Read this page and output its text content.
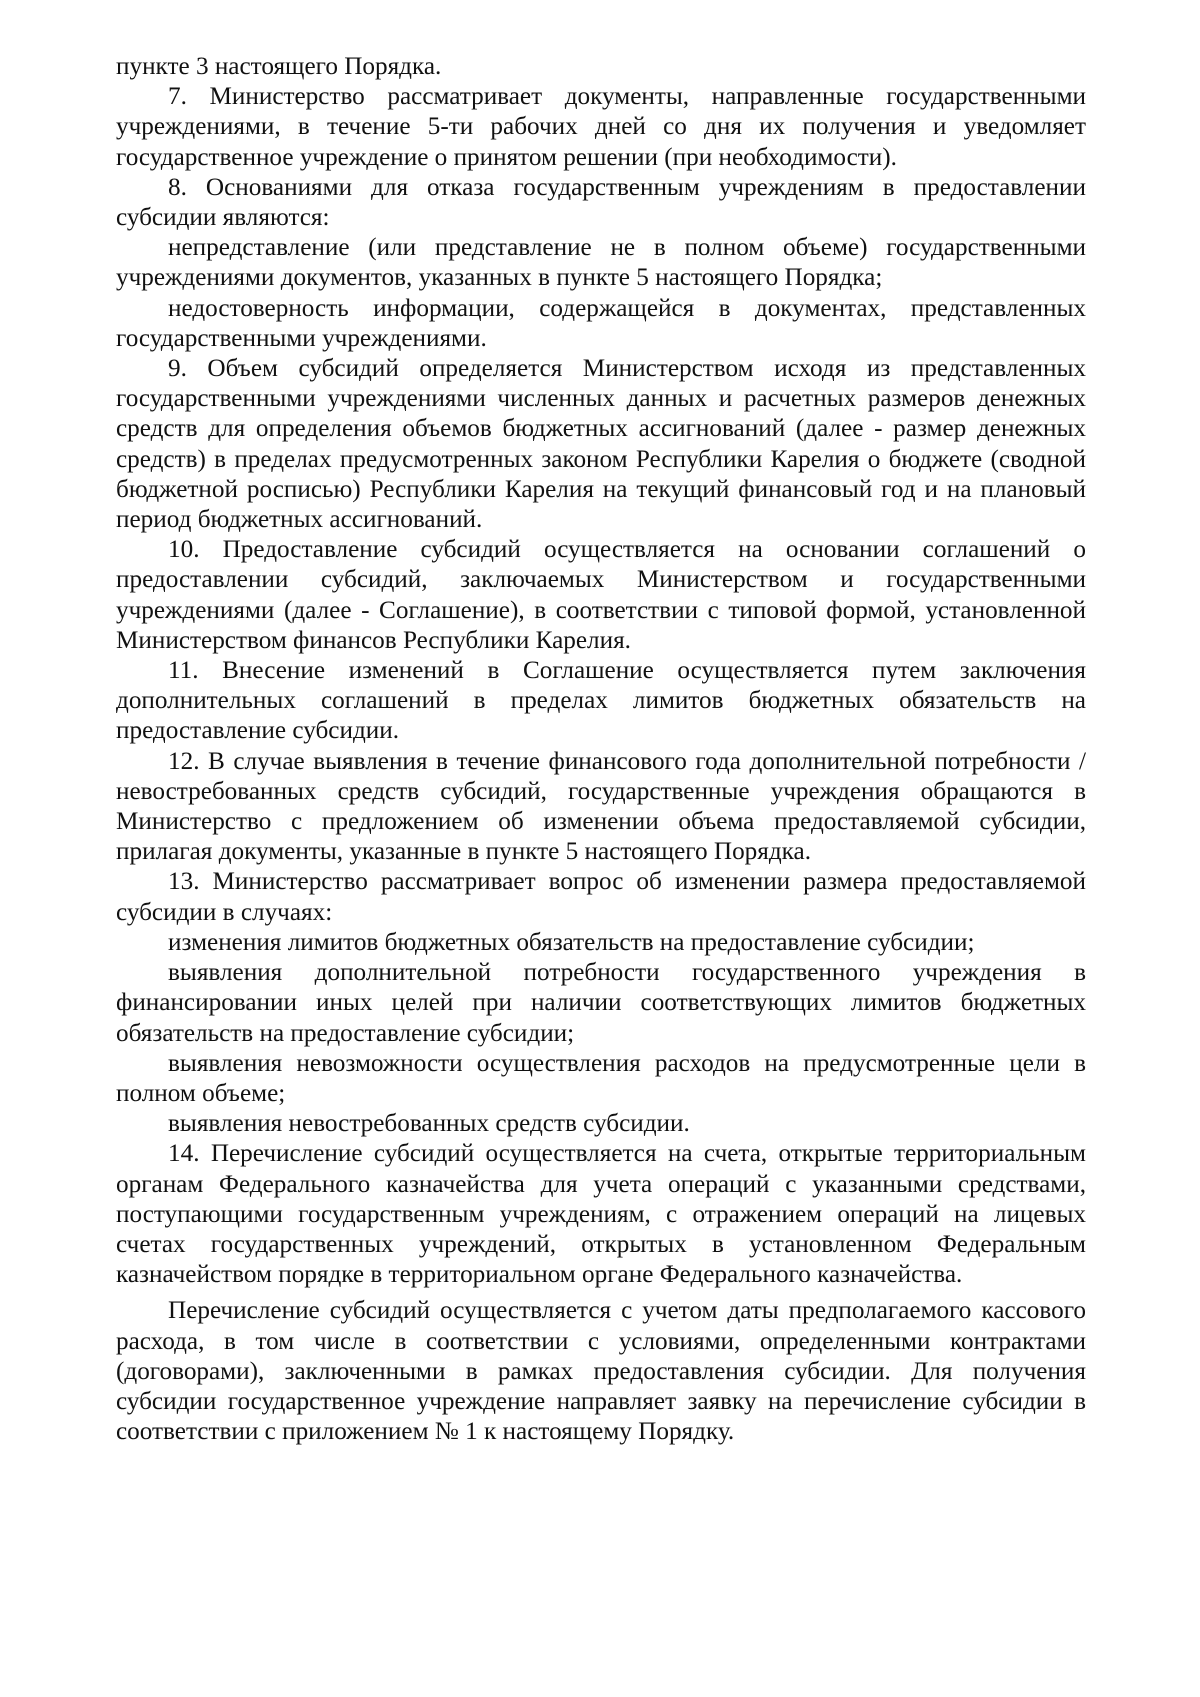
пункте 3 настоящего Порядка.

7. Министерство рассматривает документы, направленные государственными учреждениями, в течение 5-ти рабочих дней со дня их получения и уведомляет государственное учреждение о принятом решении (при необходимости).

8. Основаниями для отказа государственным учреждениям в предоставлении субсидии являются:

непредставление (или представление не в полном объеме) государственными учреждениями документов, указанных в пункте 5 настоящего Порядка;

недостоверность информации, содержащейся в документах, представленных государственными учреждениями.

9. Объем субсидий определяется Министерством исходя из представленных государственными учреждениями численных данных и расчетных размеров денежных средств для определения объемов бюджетных ассигнований (далее - размер денежных средств) в пределах предусмотренных законом Республики Карелия о бюджете (сводной бюджетной росписью) Республики Карелия на текущий финансовый год и на плановый период бюджетных ассигнований.

10. Предоставление субсидий осуществляется на основании соглашений о предоставлении субсидий, заключаемых Министерством и государственными учреждениями (далее - Соглашение), в соответствии с типовой формой, установленной Министерством финансов Республики Карелия.

11. Внесение изменений в Соглашение осуществляется путем заключения дополнительных соглашений в пределах лимитов бюджетных обязательств на предоставление субсидии.

12. В случае выявления в течение финансового года дополнительной потребности / невостребованных средств субсидий, государственные учреждения обращаются в Министерство с предложением об изменении объема предоставляемой субсидии, прилагая документы, указанные в пункте 5 настоящего Порядка.

13. Министерство рассматривает вопрос об изменении размера предоставляемой субсидии в случаях:

изменения лимитов бюджетных обязательств на предоставление субсидии;

выявления дополнительной потребности государственного учреждения в финансировании иных целей при наличии соответствующих лимитов бюджетных обязательств на предоставление субсидии;

выявления невозможности осуществления расходов на предусмотренные цели в полном объеме;

выявления невостребованных средств субсидии.

14. Перечисление субсидий осуществляется на счета, открытые территориальным органам Федерального казначейства для учета операций с указанными средствами, поступающими государственным учреждениям, с отражением операций на лицевых счетах государственных учреждений, открытых в установленном Федеральным казначейством порядке в территориальном органе Федерального казначейства.

Перечисление субсидий осуществляется с учетом даты предполагаемого кассового расхода, в том числе в соответствии с условиями, определенными контрактами (договорами), заключенными в рамках предоставления субсидии. Для получения субсидии государственное учреждение направляет заявку на перечисление субсидии в соответствии с приложением № 1 к настоящему Порядку.
